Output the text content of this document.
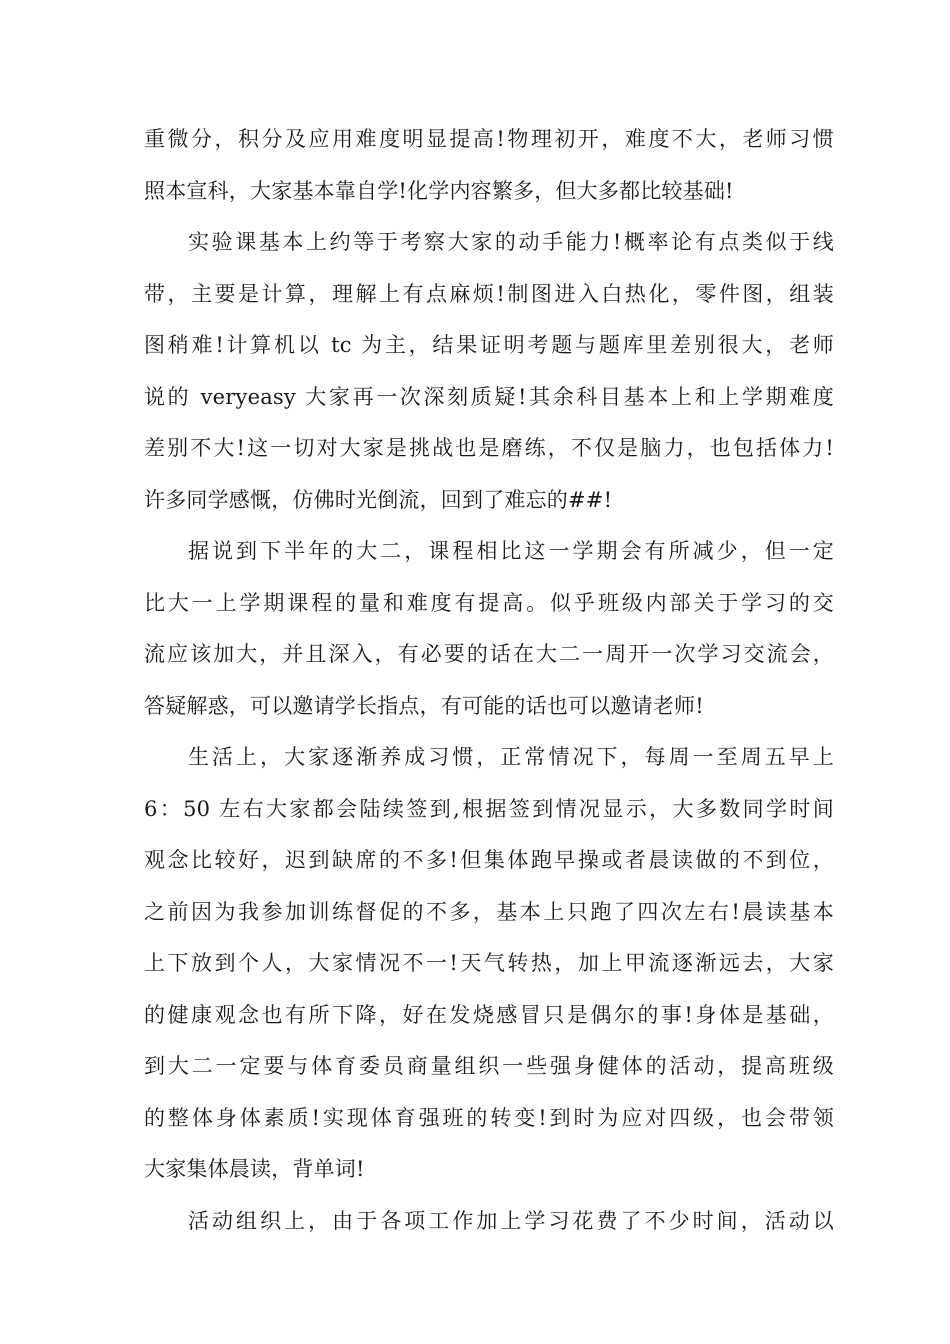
重微分，积分及应用难度明显提高!物理初开，难度不大，老师习惯
照本宣科，大家基本靠自学!化学内容繁多，但大多都比较基础!
实验课基本上约等于考察大家的动手能力!概率论有点类似于线
带，主要是计算，理解上有点麻烦!制图进入白热化，零件图，组装
图稍难!计算机以 tc 为主，结果证明考题与题库里差别很大，老师
说的 veryeasy 大家再一次深刻质疑!其余科目基本上和上学期难度
差别不大!这一切对大家是挑战也是磨练，不仅是脑力，也包括体力!
许多同学感慨，仿佛时光倒流，回到了难忘的##!
据说到下半年的大二，课程相比这一学期会有所减少，但一定
比大一上学期课程的量和难度有提高。似乎班级内部关于学习的交
流应该加大，并且深入，有必要的话在大二一周开一次学习交流会，
答疑解惑，可以邀请学长指点，有可能的话也可以邀请老师!
生活上，大家逐渐养成习惯，正常情况下，每周一至周五早上
6：50 左右大家都会陆续签到,根据签到情况显示，大多数同学时间
观念比较好，迟到缺席的不多!但集体跑早操或者晨读做的不到位，
之前因为我参加训练督促的不多，基本上只跑了四次左右!晨读基本
上下放到个人，大家情况不一!天气转热，加上甲流逐渐远去，大家
的健康观念也有所下降，好在发烧感冒只是偶尔的事!身体是基础，
到大二一定要与体育委员商量组织一些强身健体的活动，提高班级
的整体身体素质!实现体育强班的转变!到时为应对四级，也会带领
大家集体晨读，背单词!
活动组织上，由于各项工作加上学习花费了不少时间，活动以
